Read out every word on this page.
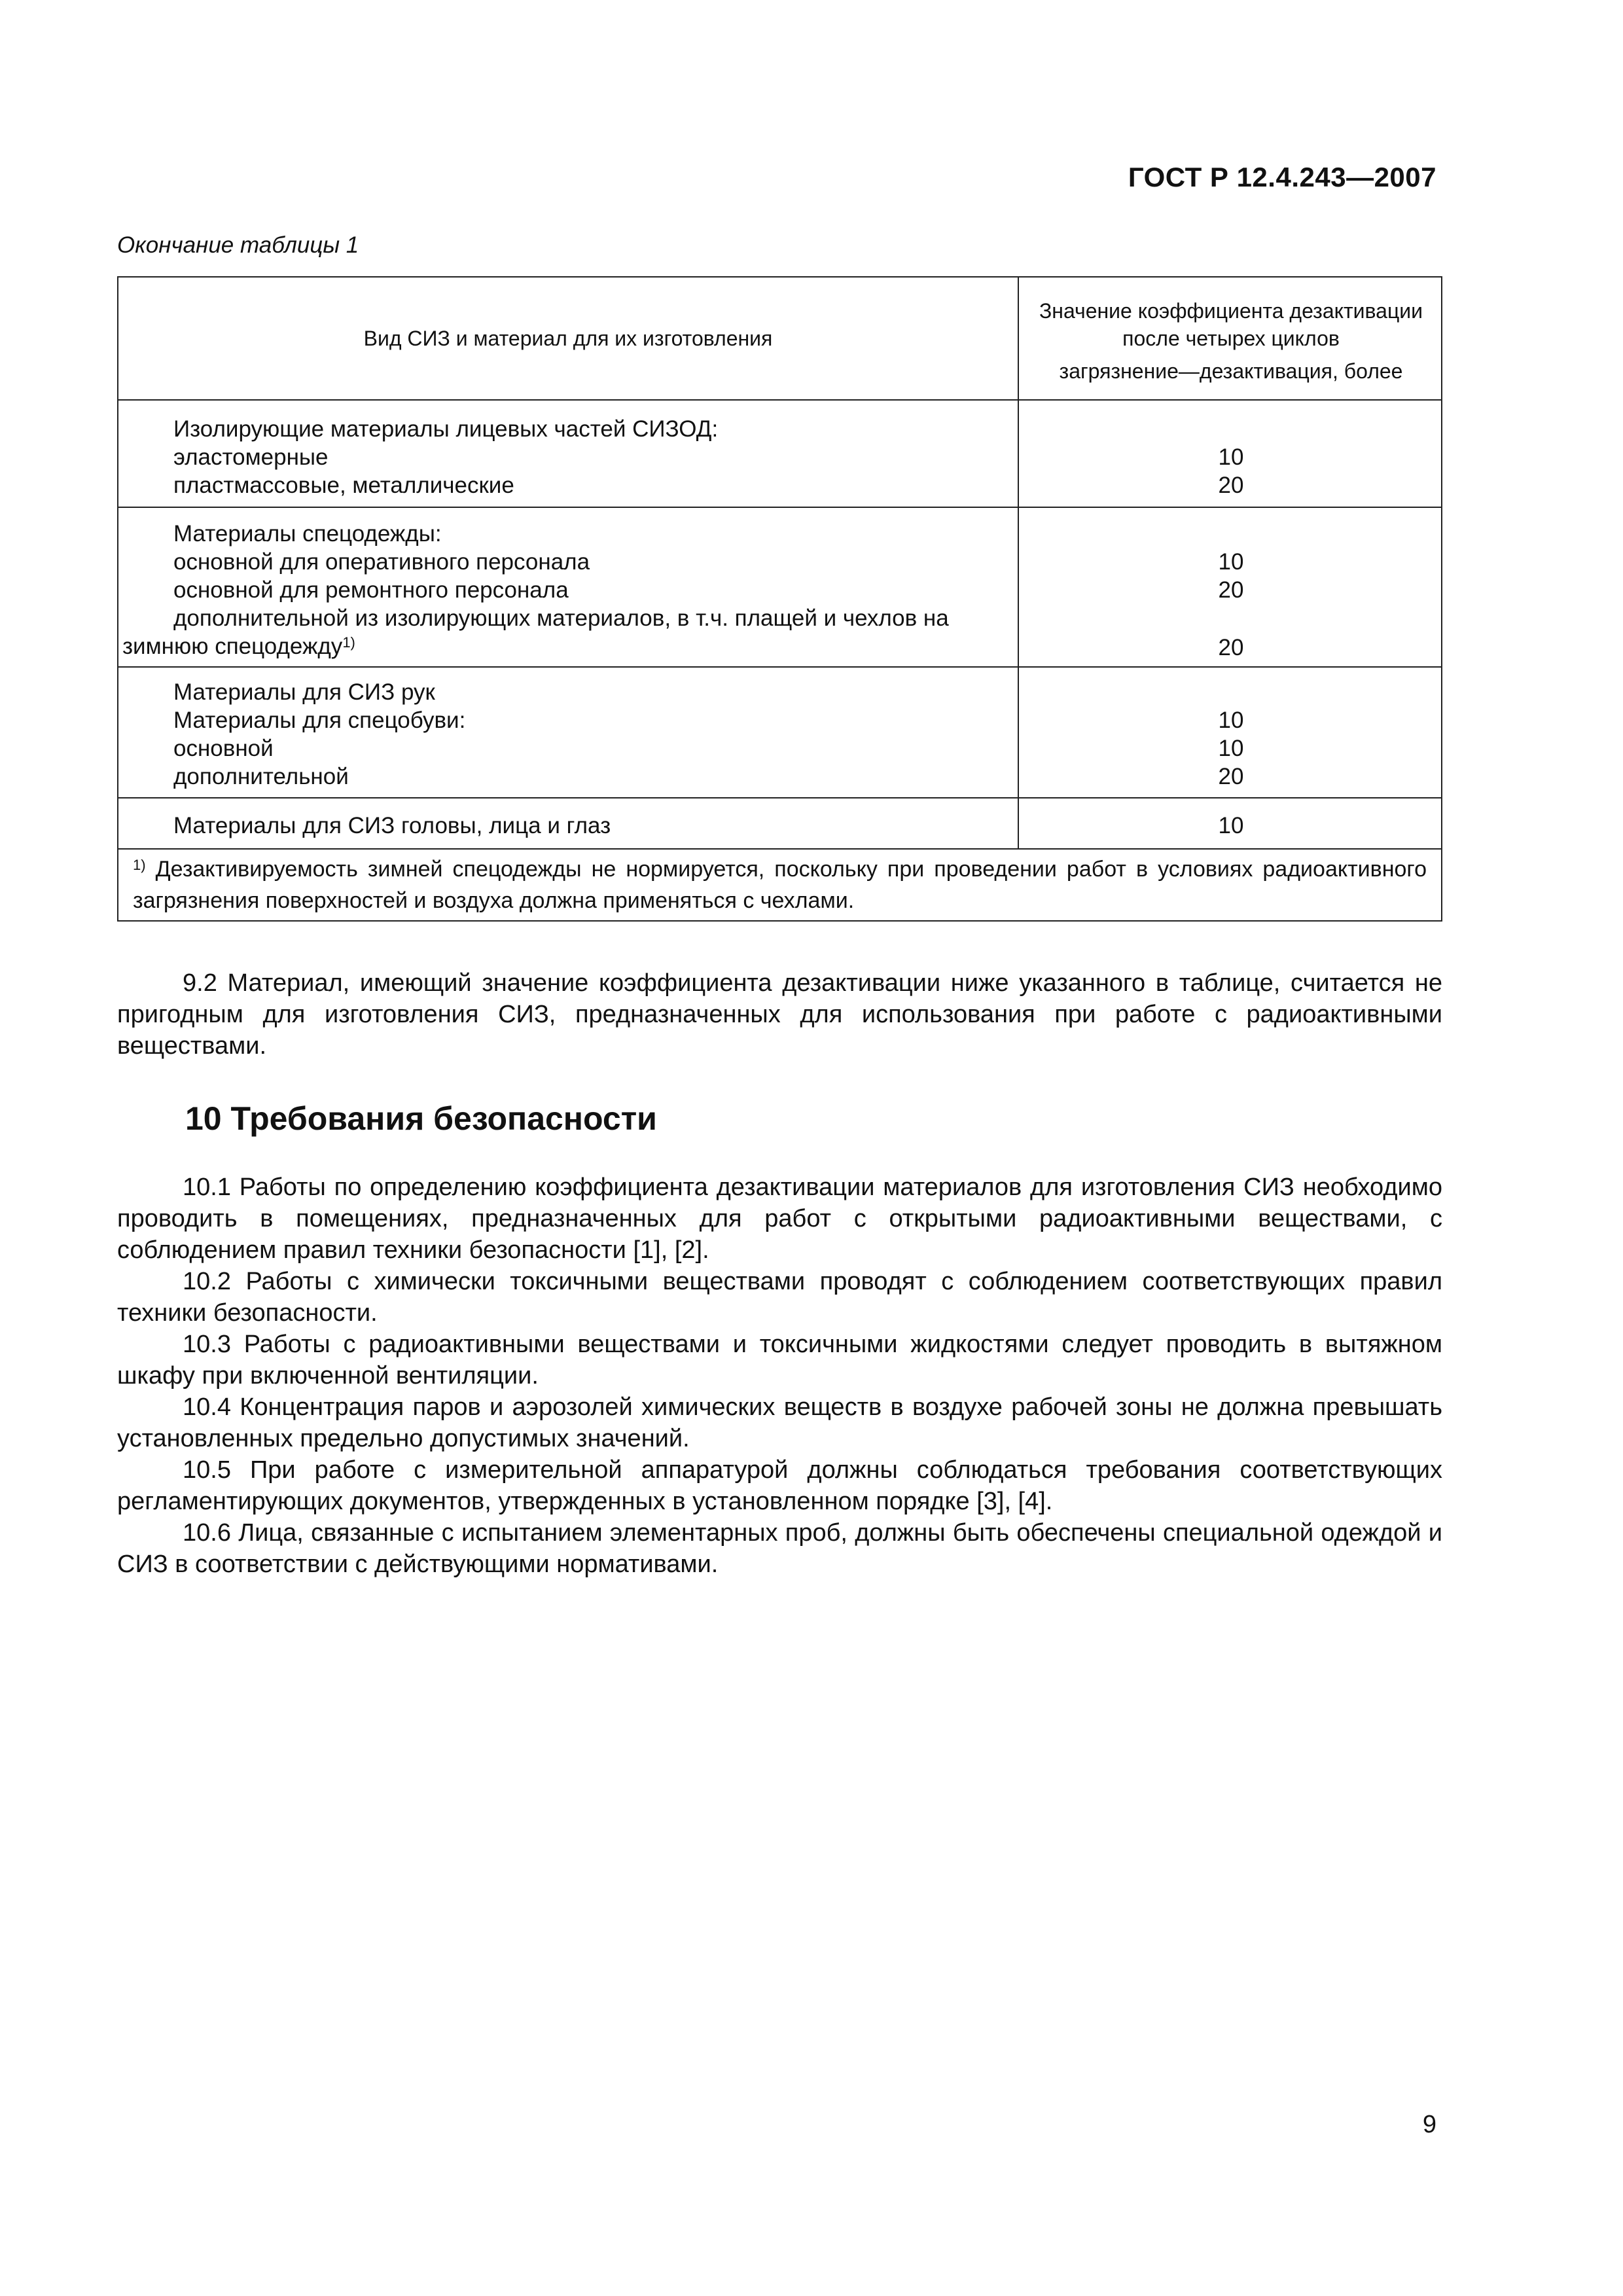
ГОСТ Р 12.4.243—2007
Окончание таблицы 1
Вид СИЗ и материал для их изготовления
Значение коэффициента дезактивации
после четырех циклов
загрязнение—дезактивация, более
Изолирующие материалы лицевых частей СИЗОД:
эластомерные
пластмассовые, металлические
10
20
Материалы спецодежды:
основной для оперативного персонала
основной для ремонтного персонала
дополнительной из изолирующих материалов, в т.ч. плащей и чехлов на
зимнюю спецодежду$^{1)}$
10
20
20
Материалы для СИЗ рук
Материалы для спецобуви:
основной
дополнительной
10
10
20
Материалы для СИЗ головы, лица и глаз	10
$^{1)}$ Дезактивируемость зимней спецодежды не нормируется, поскольку при проведении работ в условиях радиоактивного загрязнения поверхностей и воздуха должна применяться с чехлами.
9.2 Материал, имеющий значение коэффициента дезактивации ниже указанного в таблице, считается не пригодным для изготовления СИЗ, предназначенных для использования при работе с радиоактивными веществами.
10 Требования безопасности
10.1 Работы по определению коэффициента дезактивации материалов для изготовления СИЗ необходимо проводить в помещениях, предназначенных для работ с открытыми радиоактивными веществами, с соблюдением правил техники безопасности [1], [2].
10.2 Работы с химически токсичными веществами проводят с соблюдением соответствующих правил техники безопасности.
10.3 Работы с радиоактивными веществами и токсичными жидкостями следует проводить в вытяжном шкафу при включенной вентиляции.
10.4 Концентрация паров и аэрозолей химических веществ в воздухе рабочей зоны не должна превышать установленных предельно допустимых значений.
10.5 При работе с измерительной аппаратурой должны соблюдаться требования соответствующих регламентирующих документов, утвержденных в установленном порядке [3], [4].
10.6 Лица, связанные с испытанием элементарных проб, должны быть обеспечены специальной одеждой и СИЗ в соответствии с действующими нормативами.
9
